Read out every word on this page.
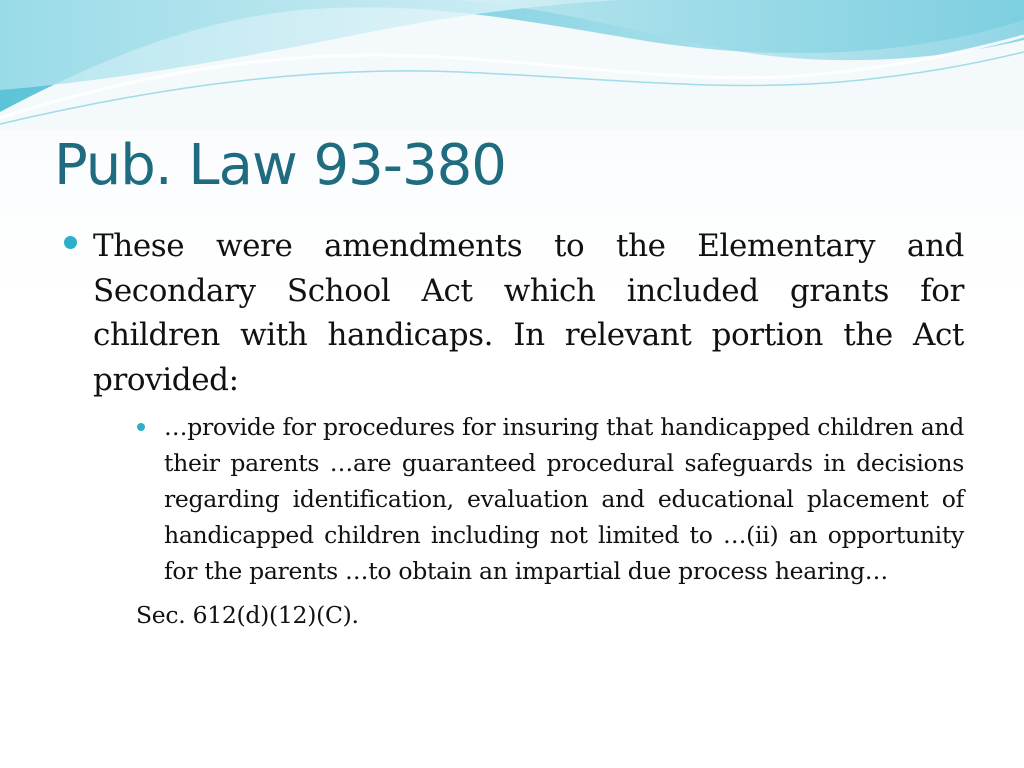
Pub. Law 93-380
These were amendments to the Elementary and Secondary School Act which included grants for children with handicaps. In relevant portion the Act provided:
…provide for procedures for insuring that handicapped children and their parents …are guaranteed procedural safeguards in decisions regarding identification, evaluation and educational placement of handicapped children including not limited to …(ii) an opportunity for the parents …to obtain an impartial due process hearing…
Sec. 612(d)(12)(C).
